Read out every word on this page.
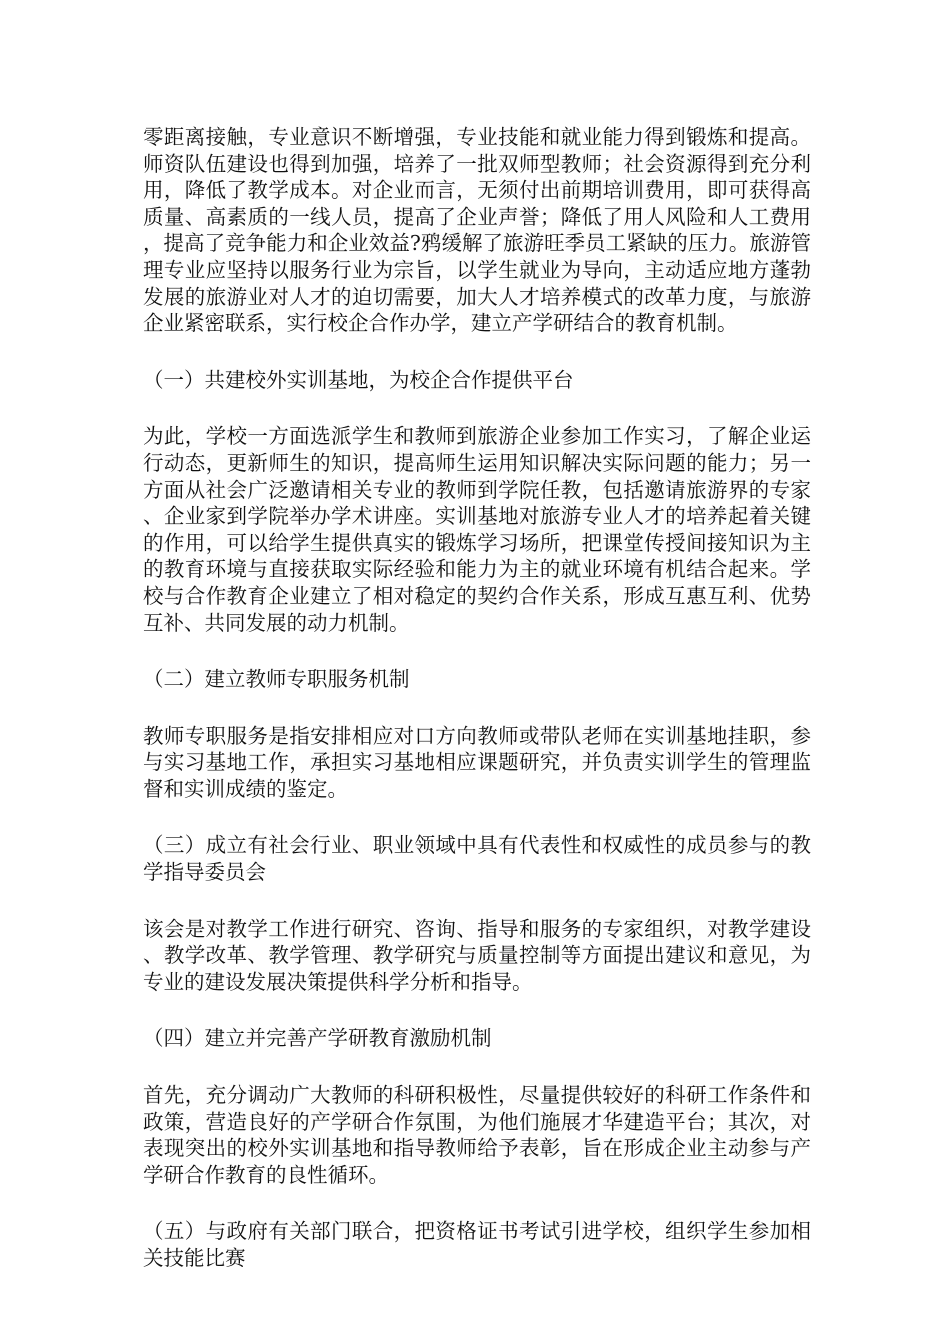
零距离接触，专业意识不断增强，专业技能和就业能力得到锻炼和提高。师资队伍建设也得到加强，培养了一批双师型教师；社会资源得到充分利用，降低了教学成本。对企业而言，无须付出前期培训费用，即可获得高质量、高素质的一线人员，提高了企业声誉；降低了用人风险和人工费用，提高了竞争能力和企业效益?鸦缓解了旅游旺季员工紧缺的压力。旅游管理专业应坚持以服务行业为宗旨，以学生就业为导向，主动适应地方蓬勃发展的旅游业对人才的迫切需要，加大人才培养模式的改革力度，与旅游企业紧密联系，实行校企合作办学，建立产学研结合的教育机制。

（一）共建校外实训基地，为校企合作提供平台

为此，学校一方面选派学生和教师到旅游企业参加工作实习，了解企业运行动态，更新师生的知识，提高师生运用知识解决实际问题的能力；另一方面从社会广泛邀请相关专业的教师到学院任教，包括邀请旅游界的专家、企业家到学院举办学术讲座。实训基地对旅游专业人才的培养起着关键的作用，可以给学生提供真实的锻炼学习场所，把课堂传授间接知识为主的教育环境与直接获取实际经验和能力为主的就业环境有机结合起来。学校与合作教育企业建立了相对稳定的契约合作关系，形成互惠互利、优势互补、共同发展的动力机制。

（二）建立教师专职服务机制

教师专职服务是指安排相应对口方向教师或带队老师在实训基地挂职，参与实习基地工作，承担实习基地相应课题研究，并负责实训学生的管理监督和实训成绩的鉴定。

（三）成立有社会行业、职业领域中具有代表性和权威性的成员参与的教学指导委员会

该会是对教学工作进行研究、咨询、指导和服务的专家组织，对教学建设、教学改革、教学管理、教学研究与质量控制等方面提出建议和意见，为专业的建设发展决策提供科学分析和指导。

（四）建立并完善产学研教育激励机制

首先，充分调动广大教师的科研积极性，尽量提供较好的科研工作条件和政策，营造良好的产学研合作氛围，为他们施展才华建造平台；其次，对表现突出的校外实训基地和指导教师给予表彰，旨在形成企业主动参与产学研合作教育的良性循环。

（五）与政府有关部门联合，把资格证书考试引进学校，组织学生参加相关技能比赛
